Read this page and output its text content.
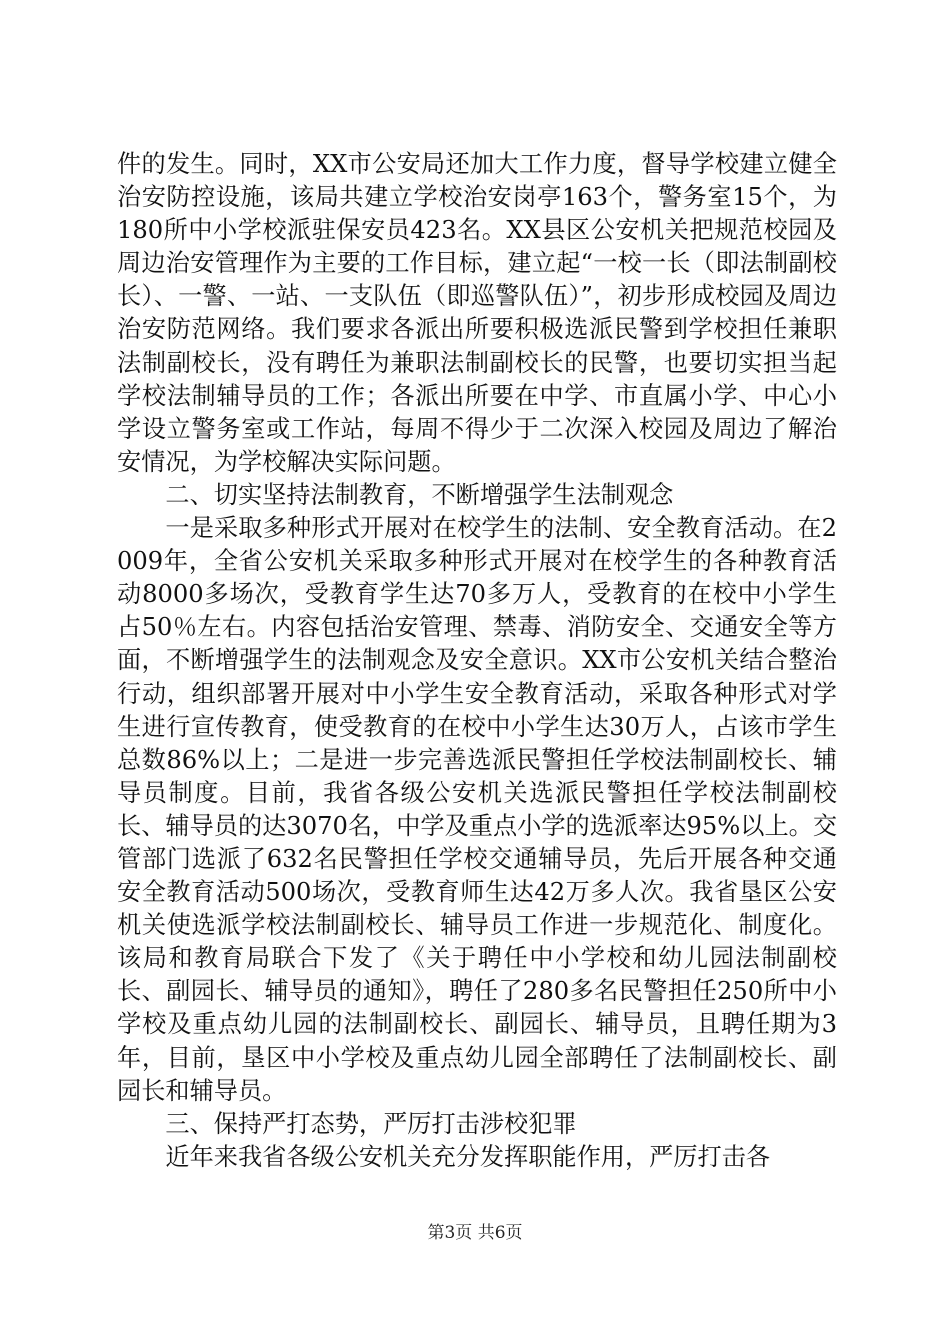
件的发生。同时，XX市公安局还加大工作力度，督导学校建立健全治安防控设施，该局共建立学校治安岗亭163个，警务室15个，为180所中小学校派驻保安员423名。XX县区公安机关把规范校园及周边治安管理作为主要的工作目标，建立起“一校一长（即法制副校长）、一警、一站、一支队伍（即巡警队伍）”，初步形成校园及周边治安防范网络。我们要求各派出所要积极选派民警到学校担任兼职法制副校长，没有聘任为兼职法制副校长的民警，也要切实担当起学校法制辅导员的工作；各派出所要在中学、市直属小学、中心小学设立警务室或工作站，每周不得少于二次深入校园及周边了解治安情况，为学校解决实际问题。

二、切实坚持法制教育，不断增强学生法制观念

一是采取多种形式开展对在校学生的法制、安全教育活动。在2009年，全省公安机关采取多种形式开展对在校学生的各种教育活动8000多场次，受教育学生达70多万人，受教育的在校中小学生占50％左右。内容包括治安管理、禁毒、消防安全、交通安全等方面，不断增强学生的法制观念及安全意识。XX市公安机关结合整治行动，组织部署开展对中小学生安全教育活动，采取各种形式对学生进行宣传教育，使受教育的在校中小学生达30万人，占该市学生总数86%以上；二是进一步完善选派民警担任学校法制副校长、辅导员制度。目前，我省各级公安机关选派民警担任学校法制副校长、辅导员的达3070名，中学及重点小学的选派率达95%以上。交管部门选派了632名民警担任学校交通辅导员，先后开展各种交通安全教育活动500场次，受教育师生达42万多人次。我省垦区公安机关使选派学校法制副校长、辅导员工作进一步规范化、制度化。该局和教育局联合下发了《关于聘任中小学校和幼儿园法制副校长、副园长、辅导员的通知》，聘任了280多名民警担任250所中小学校及重点幼儿园的法制副校长、副园长、辅导员，且聘任期为3年，目前，垦区中小学校及重点幼儿园全部聘任了法制副校长、副园长和辅导员。

三、保持严打态势，严厉打击涉校犯罪

近年来我省各级公安机关充分发挥职能作用，严厉打击各

第3页 共6页
